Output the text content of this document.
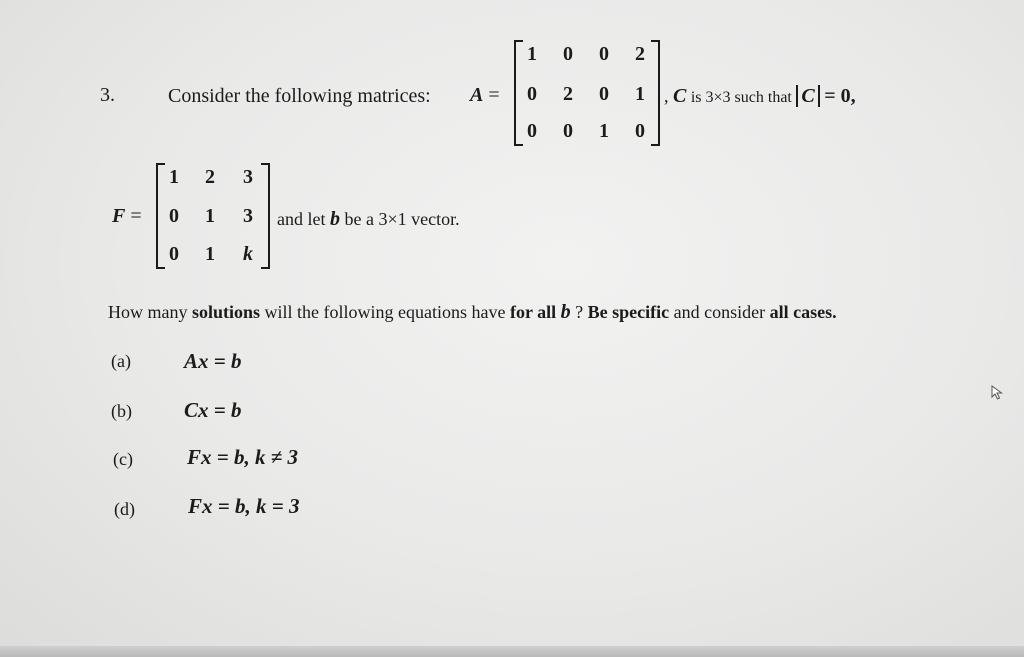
3.	Consider the following matrices: A =
1	0	0	2
0	2	0	1
0	0	1	0
, C is 3×3 such that C = 0,
F =
1	2	3
0	1	3
0	1	k
and let b be a 3×1 vector.
How many solutions will the following equations have for all b ? Be specific and consider all cases.
(a)	Ax = b
(b) Cx = b
(c)	Fx = b, k ≠ 3
(d)	Fx = b, k = 3
